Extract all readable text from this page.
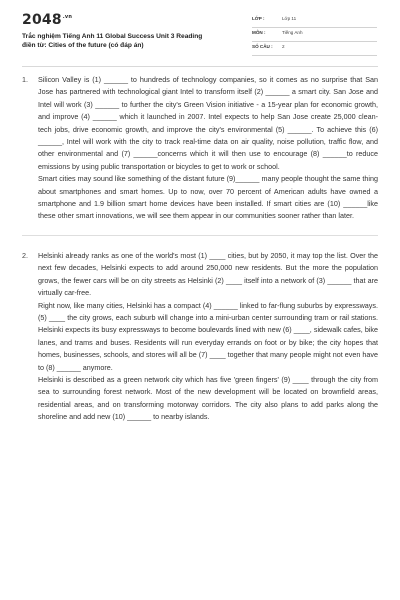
$2048^{.vn}$
Trắc nghiệm Tiếng Anh 11 Global Success Unit 3 Reading
điền từ: Cities of the future (có đáp án)
LỚP :	Lớp 11
MÔN :	Tiếng Anh
SỐ CÂU : 2
1. Silicon Valley is (1) ______ to hundreds of technology companies, so it comes as no surprise that San Jose has partnered with technological giant Intel to transform itself (2) ______ a smart city. San Jose and Intel will work (3) ______ to further the city's Green Vision initiative - a 15-year plan for economic growth, and improve (4) ______ which it launched in 2007. Intel expects to help San Jose create 25,000 clean-tech jobs, drive economic growth, and improve the city's environmental (5) ______. To achieve this (6) ______, Intel will work with the city to track real-time data on air quality, noise pollution, traffic flow, and other environmental and (7) ______concerns which it will then use to encourage (8) ______to reduce emissions by using public transportation or bicycles to get to work or school.
Smart cities may sound like something of the distant future (9)______ many people thought the same thing about smartphones and smart homes. Up to now, over 70 percent of American adults have owned a smartphone and 1.9 billion smart home devices have been installed. If smart cities are (10) ______like these other smart innovations, we will see them appear in our communities sooner rather than later.
2. Helsinki already ranks as one of the world's most (1) ____ cities, but by 2050, it may top the list. Over the next few decades, Helsinki expects to add around 250,000 new residents. But the more the population grows, the fewer cars will be on city streets as Helsinki (2) ____ itself into a network of (3) ______ that are virtually car-free.
Right now, like many cities, Helsinki has a compact (4) ______ linked to far-flung suburbs by expressways. (5) ____ the city grows, each suburb will change into a mini-urban center surrounding tram or rail stations. Helsinki expects its busy expressways to become boulevards lined with new (6) ____, sidewalk cafes, bike lanes, and trams and buses. Residents will run everyday errands on foot or by bike; the city hopes that homes, businesses, schools, and stores will all be (7) ____ together that many people might not even have to (8) ______ anymore.
Helsinki is described as a green network city which has five 'green fingers' (9) ____ through the city from sea to surrounding forest network. Most of the new development will be located on brownfield areas, residential areas, and on transforming motorway corridors. The city also plans to add parks along the shoreline and add new (10) ______ to nearby islands.
